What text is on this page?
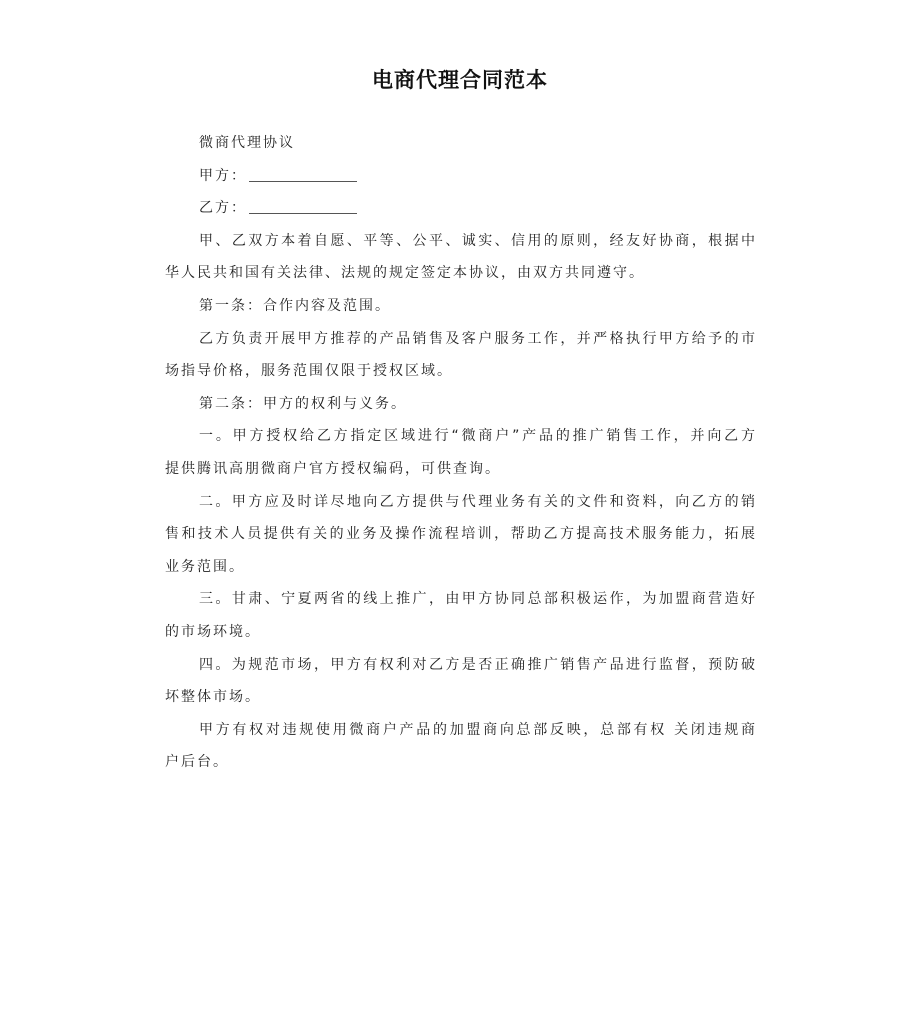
电商代理合同范本

微商代理协议

甲方：

乙方：

甲、乙双方本着自愿、平等、公平、诚实、信用的原则，经友好协商，根据中

华人民共和国有关法律、法规的规定签定本协议，由双方共同遵守。

第一条：合作内容及范围。

乙方负责开展甲方推荐的产品销售及客户服务工作，并严格执行甲方给予的市

场指导价格，服务范围仅限于授权区域。

第二条：甲方的权利与义务。

一。甲方授权给乙方指定区域进行“微商户”产品的推广销售工作，并向乙方

提供腾讯高朋微商户官方授权编码，可供查询。

二。甲方应及时详尽地向乙方提供与代理业务有关的文件和资料，向乙方的销

售和技术人员提供有关的业务及操作流程培训，帮助乙方提高技术服务能力，拓展

业务范围。

三。甘肃、宁夏两省的线上推广，由甲方协同总部积极运作，为加盟商营造好

的市场环境。

四。为规范市场，甲方有权利对乙方是否正确推广销售产品进行监督，预防破

坏整体市场。

甲方有权对违规使用微商户产品的加盟商向总部反映，总部有权 关闭违规商

户后台。
